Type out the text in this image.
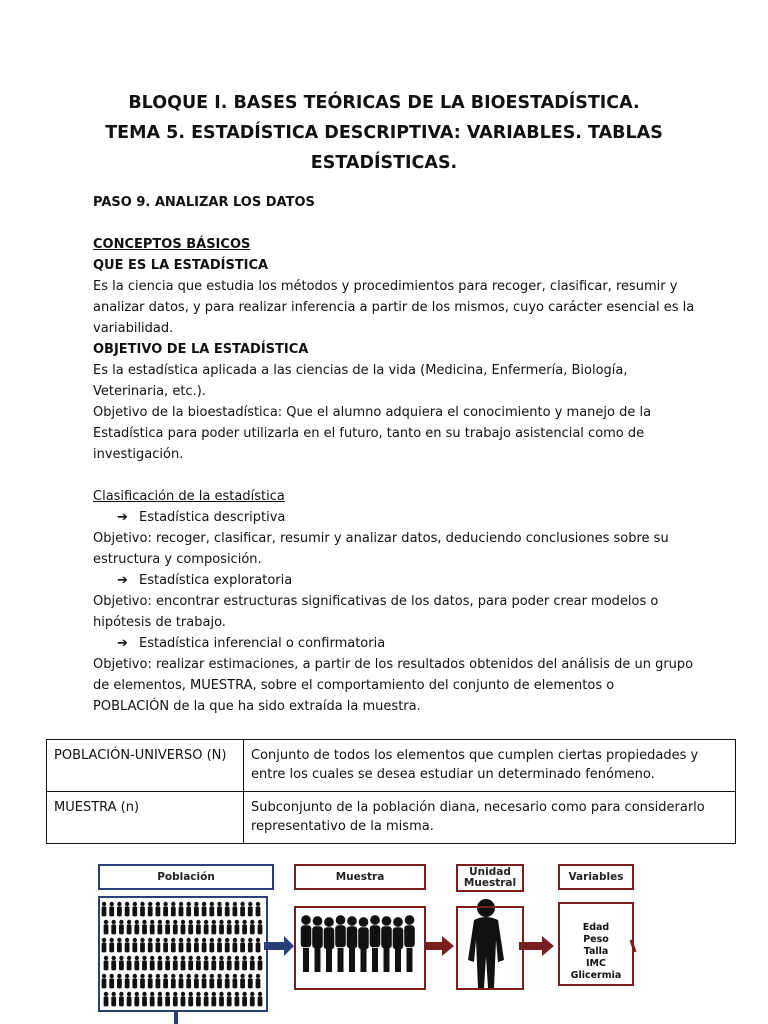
BLOQUE I. BASES TEÓRICAS DE LA BIOESTADÍSTICA.
TEMA 5. ESTADÍSTICA DESCRIPTIVA: VARIABLES. TABLAS
ESTADÍSTICAS.
PASO 9. ANALIZAR LOS DATOS
CONCEPTOS BÁSICOS
QUE ES LA ESTADÍSTICA
Es la ciencia que estudia los métodos y procedimientos para recoger, clasificar, resumir y
analizar datos, y para realizar inferencia a partir de los mismos, cuyo carácter esencial es la
variabilidad.
OBJETIVO DE LA ESTADÍSTICA
Es la estadística aplicada a las ciencias de la vida (Medicina, Enfermería, Biología,
Veterinaria, etc.).
Objetivo de la bioestadística: Que el alumno adquiera el conocimiento y manejo de la
Estadística para poder utilizarla en el futuro, tanto en su trabajo asistencial como de
investigación.
Clasificación de la estadística
➔ Estadística descriptiva
Objetivo: recoger, clasificar, resumir y analizar datos, deduciendo conclusiones sobre su
estructura y composición.
➔ Estadística exploratoria
Objetivo: encontrar estructuras significativas de los datos, para poder crear modelos o
hipótesis de trabajo.
➔ Estadística inferencial o confirmatoria
Objetivo: realizar estimaciones, a partir de los resultados obtenidos del análisis de un grupo
de elementos, MUESTRA, sobre el comportamiento del conjunto de elementos o
POBLACIÓN de la que ha sido extraída la muestra.
POBLACIÓN-UNIVERSO (N)	Conjunto de todos los elementos que cumplen ciertas propiedades y entre los cuales se desea estudiar un determinado fenómeno.
MUESTRA (n)	Subconjunto de la población diana, necesario como para considerarlo representativo de la misma.
Población	Muestra	Unidad
Muestral
Variables
Edad
Peso
Talla
IMC
Glicermia
